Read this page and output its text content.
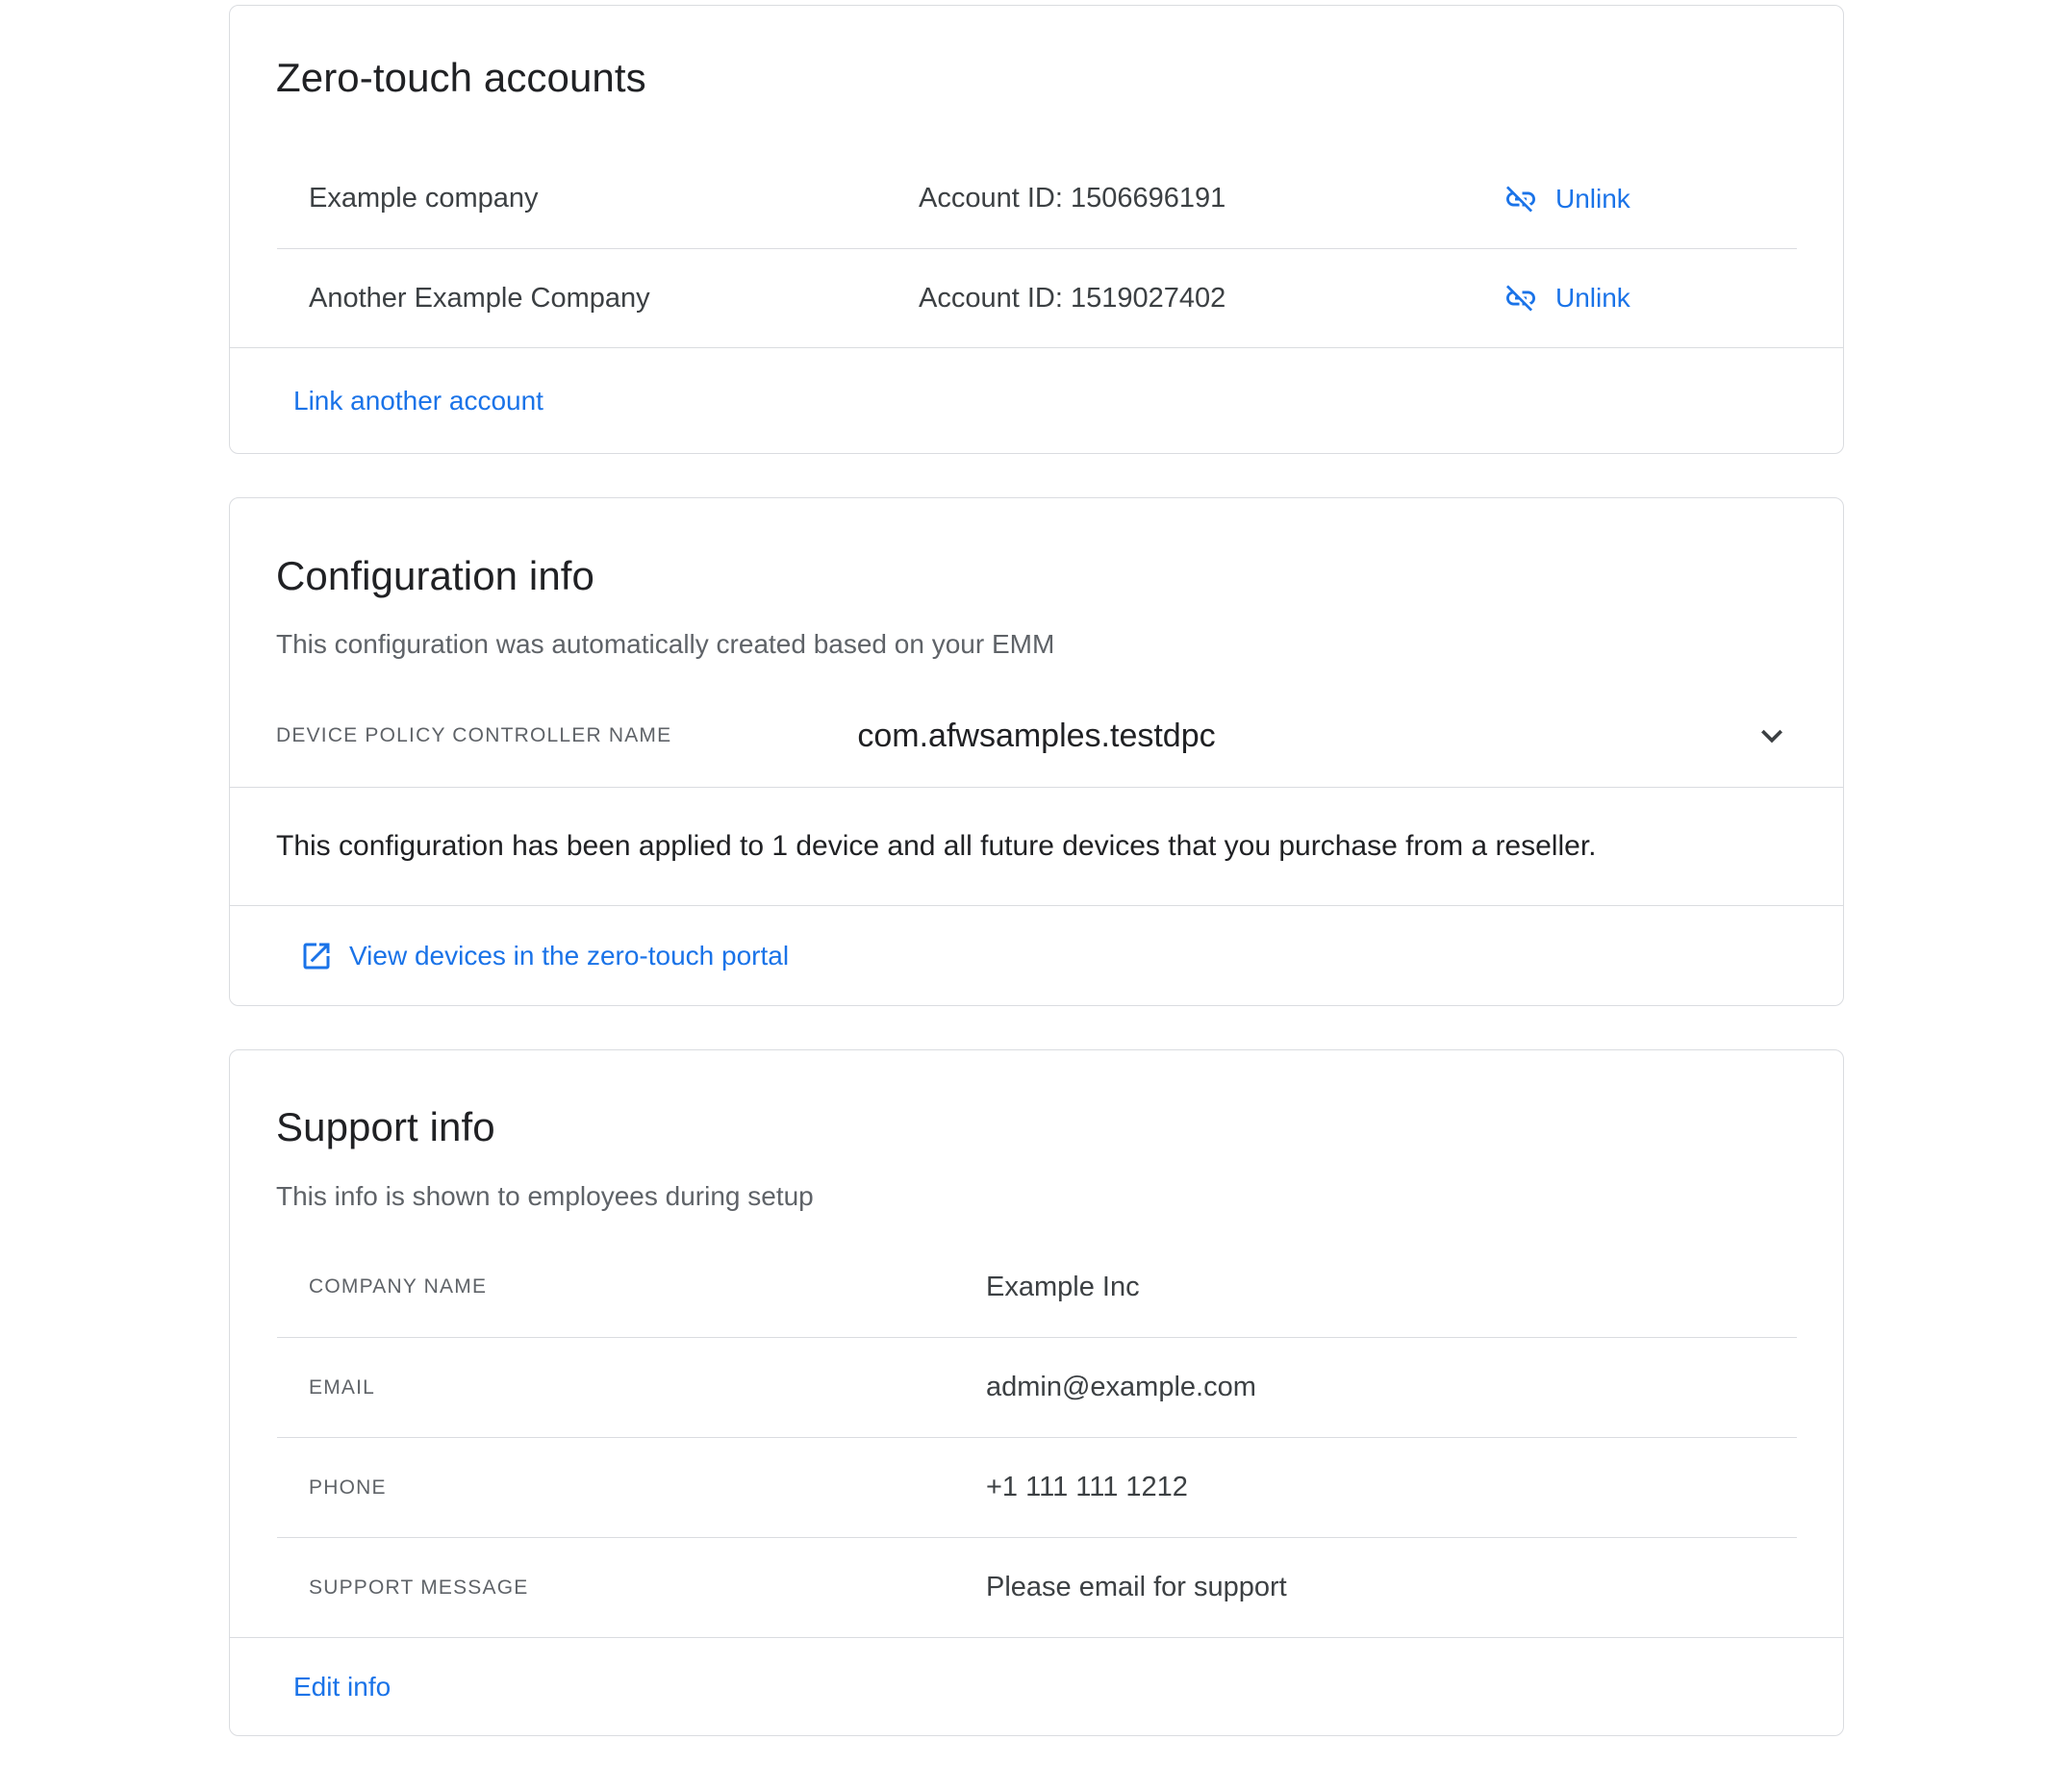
Zero-touch accounts
Example company	Account ID: 1506696191	Unlink
Another Example Company	Account ID: 1519027402	Unlink
Link another account
Configuration info

This configuration was automatically created based on your EMM

DEVICE POLICY CONTROLLER NAME	com.afwsamples.testdpc
This configuration has been applied to 1 device and all future devices that you purchase from a reseller.
View devices in the zero-touch portal
Support info

This info is shown to employees during setup

COMPANY NAME	Example Inc
EMAIL	admin@example.com
PHONE	+1 111 111 1212
SUPPORT MESSAGE	Please email for support
Edit info
